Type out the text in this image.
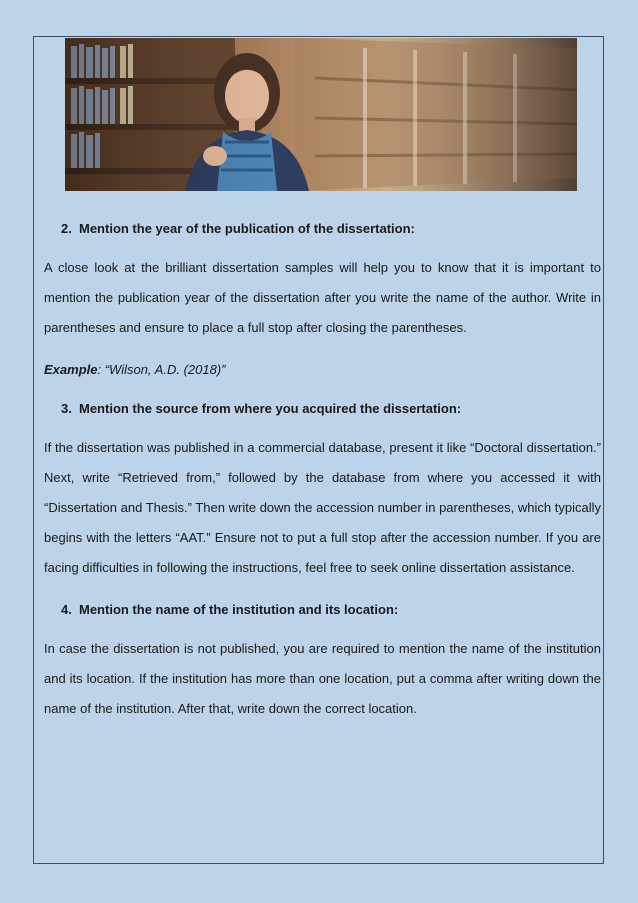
2. Mention the year of the publication of the dissertation:

A close look at the brilliant dissertation samples will help you to know that it is important to mention the publication year of the dissertation after you write the name of the author. Write in parentheses and ensure to place a full stop after closing the parentheses.

Example: “Wilson, A.D. (2018)”

3. Mention the source from where you acquired the dissertation:

If the dissertation was published in a commercial database, present it like “Doctoral dissertation.” Next, write “Retrieved from,” followed by the database from where you accessed it with “Dissertation and Thesis.” Then write down the accession number in parentheses, which typically begins with the letters “AAT.” Ensure not to put a full stop after the accession number. If you are facing difficulties in following the instructions, feel free to seek online dissertation assistance.

4. Mention the name of the institution and its location:

In case the dissertation is not published, you are required to mention the name of the institution and its location. If the institution has more than one location, put a comma after writing down the name of the institution. After that, write down the correct location.
